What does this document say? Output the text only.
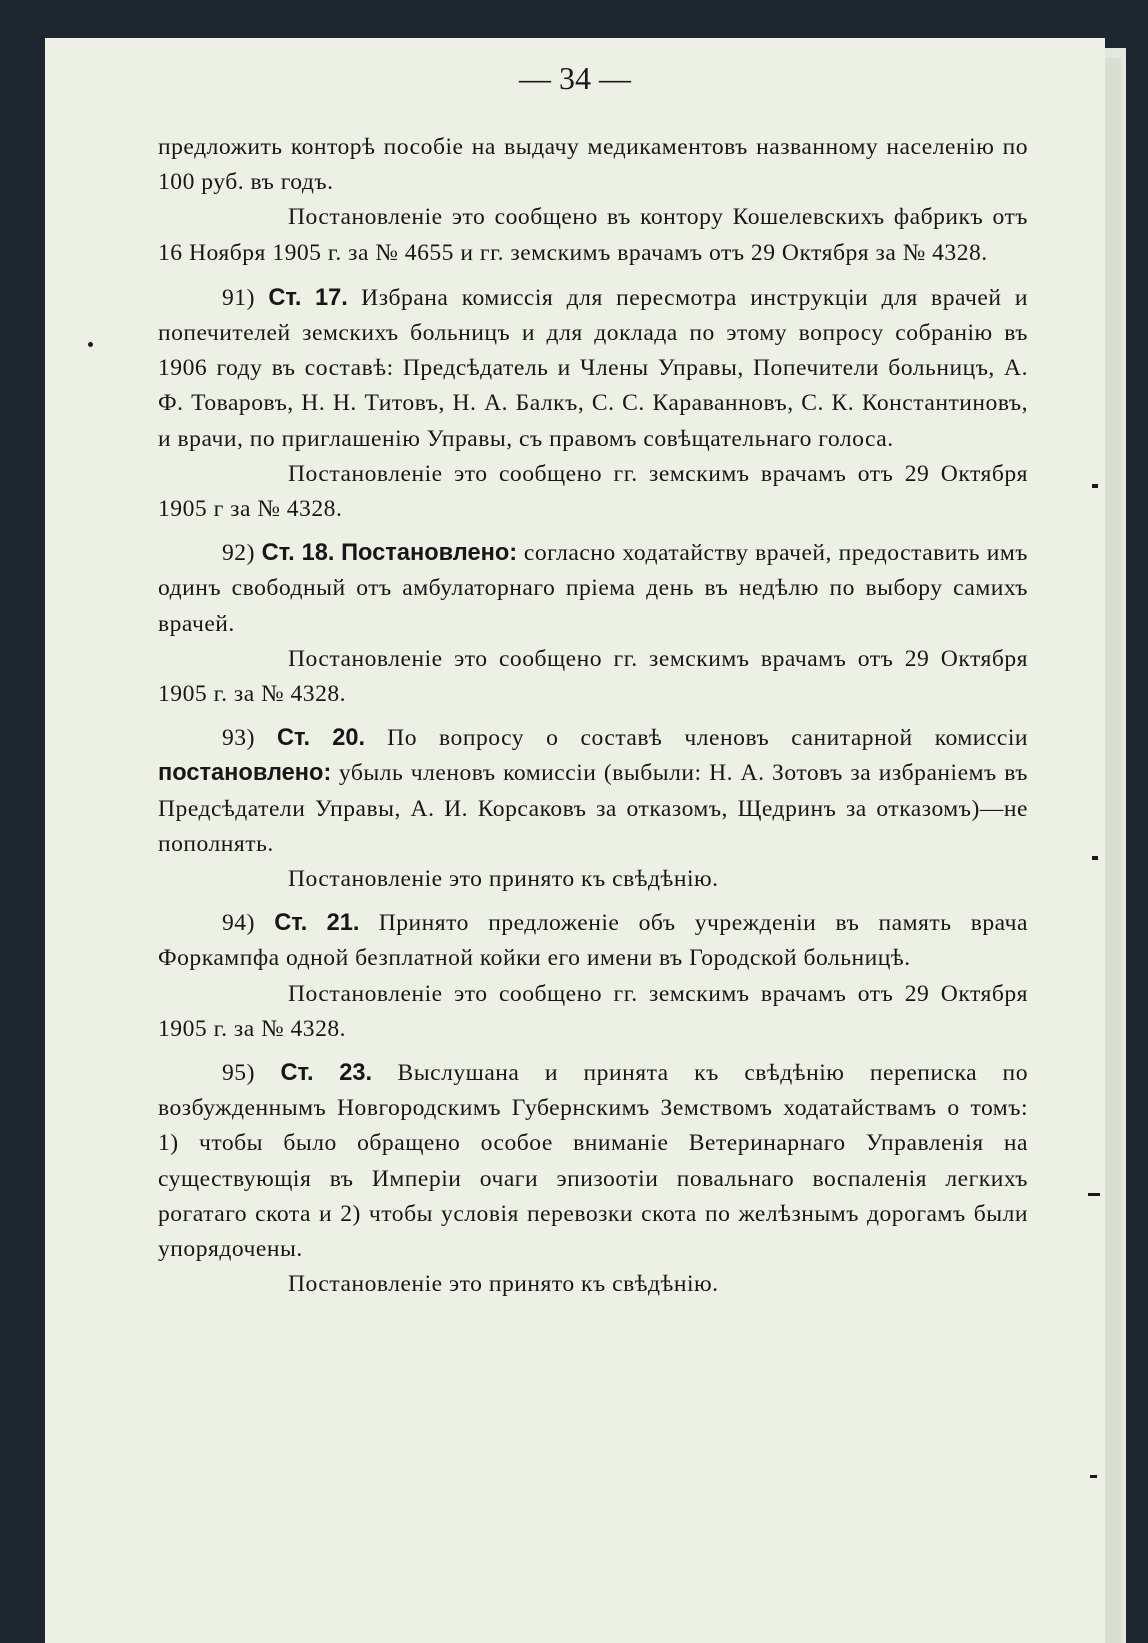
— 34 —

предложить конторѣ пособіе на выдачу медикаментовъ названному населенію по 100 руб. въ годъ.

Постановленіе это сообщено въ контору Кошелевскихъ фабрикъ отъ 16 Ноября 1905 г. за № 4655 и гг. земскимъ врачамъ отъ 29 Октября за № 4328.

91) Ст. 17. Избрана комиссія для пересмотра инструкціи для врачей и попечителей земскихъ больницъ и для доклада по этому вопросу собранію въ 1906 году въ составѣ: Предсѣдатель и Члены Управы, Попечители больницъ, А. Ф. Товаровъ, Н. Н. Титовъ, Н. А. Балкъ, С. С. Караванновъ, С. К. Константиновъ, и врачи, по приглашенію Управы, съ правомъ совѣщательнаго голоса.

Постановленіе это сообщено гг. земскимъ врачамъ отъ 29 Октября 1905 г за № 4328.

92) Ст. 18. Постановлено: согласно ходатайству врачей, предоставить имъ одинъ свободный отъ амбулаторнаго пріема день въ недѣлю по выбору самихъ врачей.

Постановленіе это сообщено гг. земскимъ врачамъ отъ 29 Октября 1905 г. за № 4328.

93) Ст. 20. По вопросу о составѣ членовъ санитарной комиссіи постановлено: убыль членовъ комиссіи (выбыли: Н. А. Зотовъ за избраніемъ въ Предсѣдатели Управы, А. И. Корсаковъ за отказомъ, Щедринъ за отказомъ)—не пополнять.

Постановленіе это принято къ свѣдѣнію.

94) Ст. 21. Принято предложеніе объ учрежденіи въ память врача Форкампфа одной безплатной койки его имени въ Городской больницѣ.

Постановленіе это сообщено гг. земскимъ врачамъ отъ 29 Октября 1905 г. за № 4328.

95) Ст. 23. Выслушана и принята къ свѣдѣнію переписка по возбужденнымъ Новгородскимъ Губернскимъ Земствомъ ходатайствамъ о томъ: 1) чтобы было обращено особое вниманіе Ветеринарнаго Управленія на существующія въ Имперіи очаги эпизоотіи повальнаго воспаленія легкихъ рогатаго скота и 2) чтобы условія перевозки скота по желѣзнымъ дорогамъ были упорядочены.

Постановленіе это принято къ свѣдѣнію.
